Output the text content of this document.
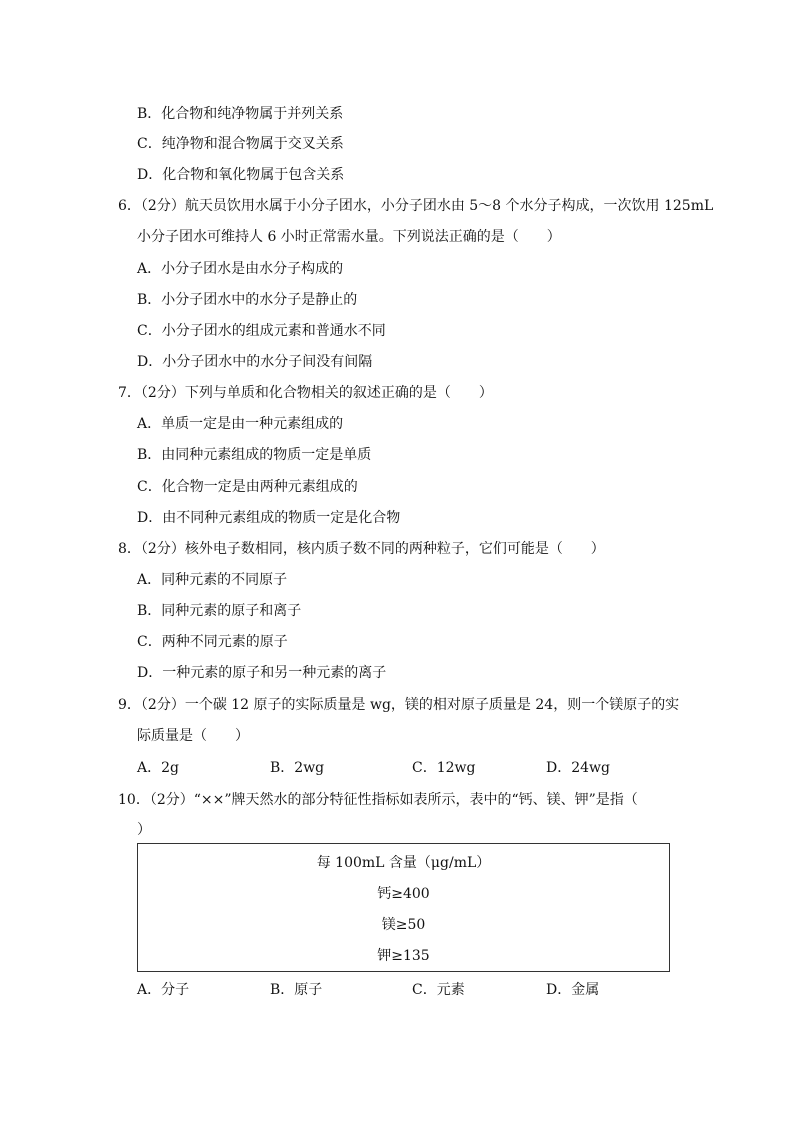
B．化合物和纯净物属于并列关系
C．纯净物和混合物属于交叉关系
D．化合物和氧化物属于包含关系
6．（2分）航天员饮用水属于小分子团水，小分子团水由 5～8 个水分子构成，一次饮用 125mL
小分子团水可维持人 6 小时正常需水量。下列说法正确的是（　　）
A．小分子团水是由水分子构成的
B．小分子团水中的水分子是静止的
C．小分子团水的组成元素和普通水不同
D．小分子团水中的水分子间没有间隔
7．（2分）下列与单质和化合物相关的叙述正确的是（　　）
A．单质一定是由一种元素组成的
B．由同种元素组成的物质一定是单质
C．化合物一定是由两种元素组成的
D．由不同种元素组成的物质一定是化合物
8．（2分）核外电子数相同，核内质子数不同的两种粒子，它们可能是（　　）
A．同种元素的不同原子
B．同种元素的原子和离子
C．两种不同元素的原子
D．一种元素的原子和另一种元素的离子
9．（2分）一个碳 12 原子的实际质量是 wg，镁的相对原子质量是 24，则一个镁原子的实
际质量是（　　）
A．2g	B．2wg	C．12wg	D．24wg
10．（2分）“××”牌天然水的部分特征性指标如表所示，表中的“钙、镁、钾”是指（
）
每 100mL 含量（μg/mL）
钙≥400
镁≥50
钾≥135
A．分子	B．原子	C．元素	D．金属
